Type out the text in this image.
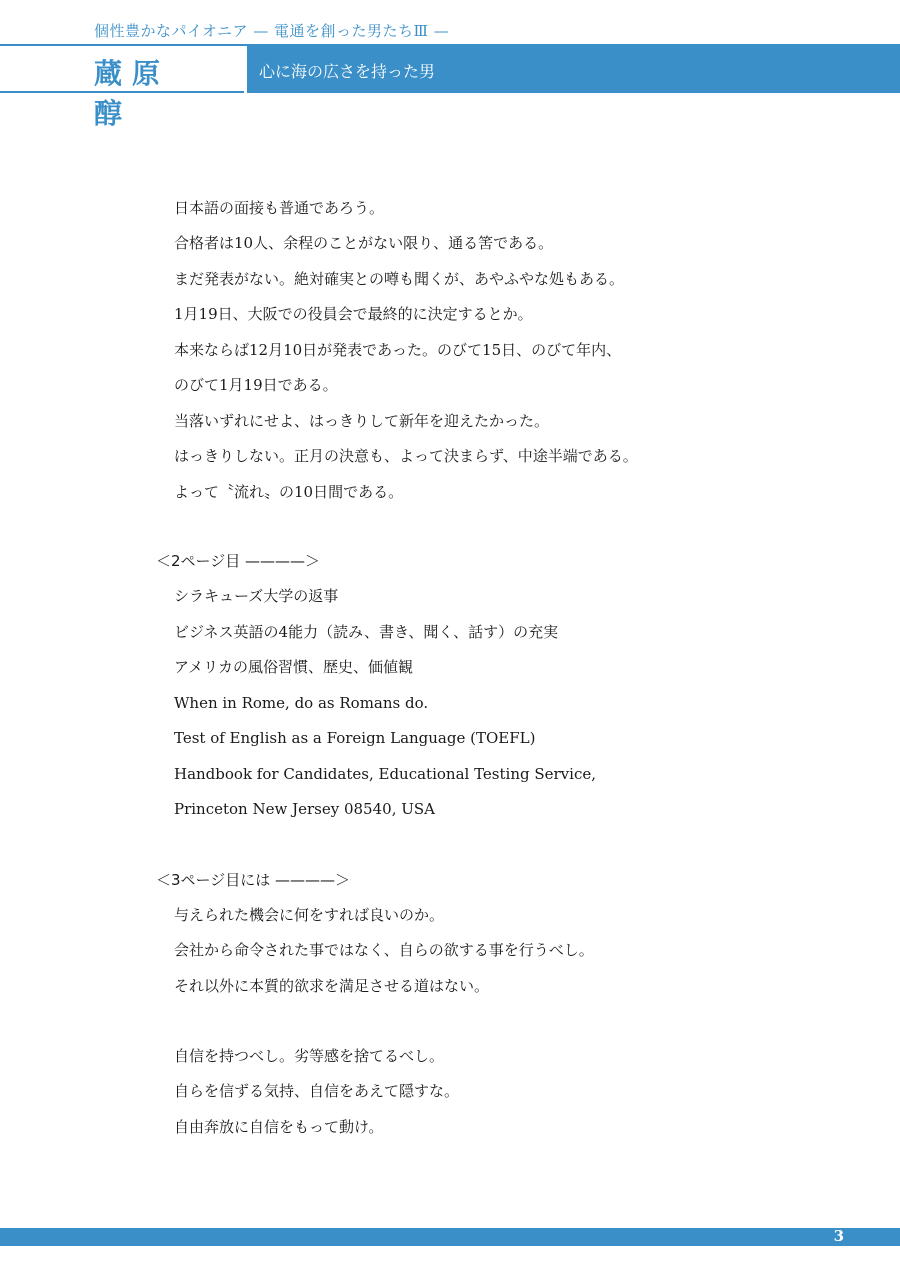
個性豊かなパイオニア — 電通を創った男たちⅢ —
蔵原　醇
心に海の広さを持った男
日本語の面接も普通であろう。
合格者は10人、余程のことがない限り、通る筈である。
まだ発表がない。絶対確実との噂も聞くが、あやふやな処もある。
1月19日、大阪での役員会で最終的に決定するとか。
本来ならば12月10日が発表であった。のびて15日、のびて年内、
のびて1月19日である。
当落いずれにせよ、はっきりして新年を迎えたかった。
はっきりしない。正月の決意も、よって決まらず、中途半端である。
よって〝流れ〟の10日間である。
＜2ページ目 ————＞
シラキューズ大学の返事
ビジネス英語の4能力（読み、書き、聞く、話す）の充実
アメリカの風俗習慣、歴史、価値観
When in Rome, do as Romans do.
Test of English as a Foreign Language (TOEFL)
Handbook for Candidates, Educational Testing Service,
Princeton New Jersey 08540, USA
＜3ページ目には ————＞
与えられた機会に何をすれば良いのか。
会社から命令された事ではなく、自らの欲する事を行うべし。
それ以外に本質的欲求を満足させる道はない。
自信を持つべし。劣等感を捨てるべし。
自らを信ずる気持、自信をあえて隠すな。
自由奔放に自信をもって動け。
3
